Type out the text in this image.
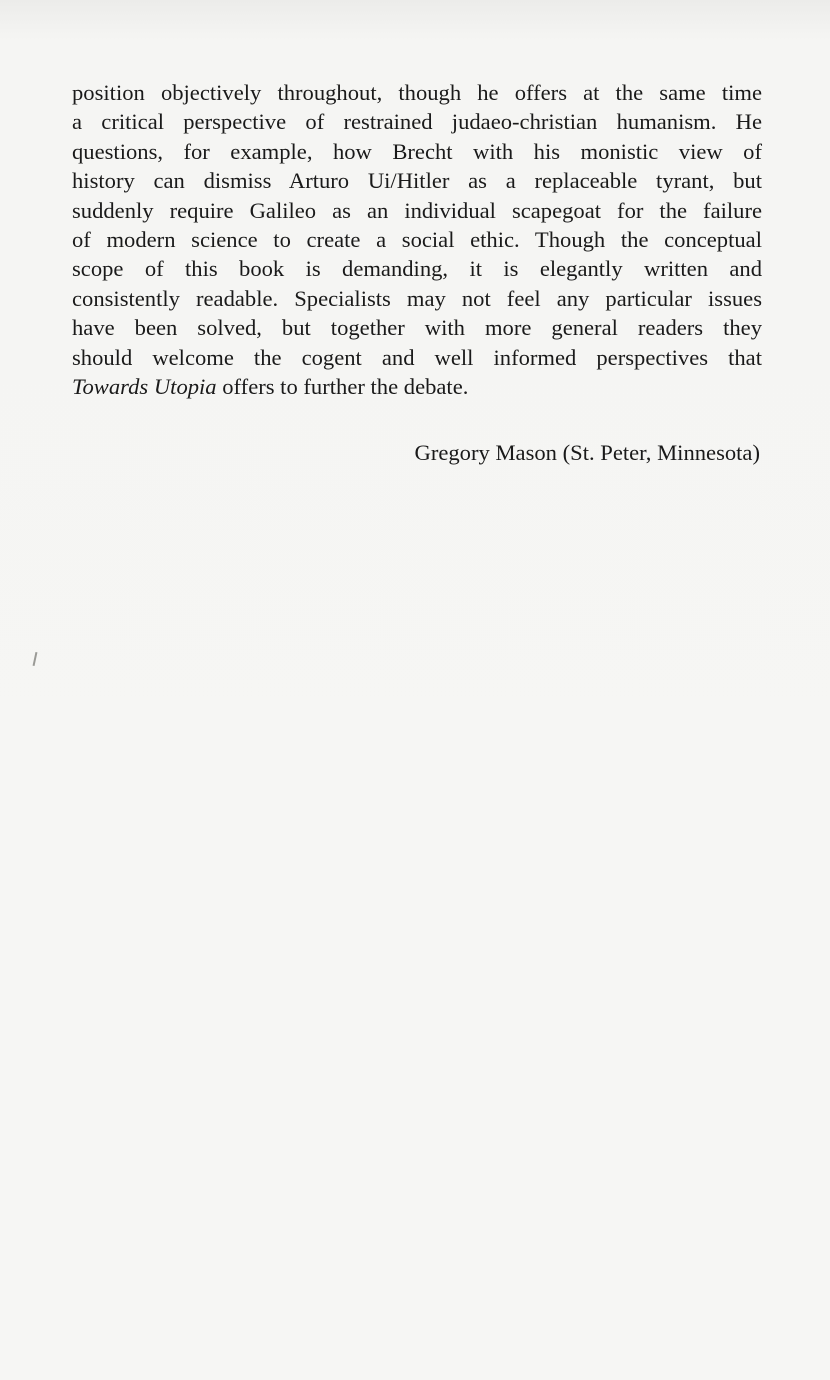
position objectively throughout, though he offers at the same time
a critical perspective of restrained judaeo-christian humanism. He
questions, for example, how Brecht with his monistic view of
history can dismiss Arturo Ui/Hitler as a replaceable tyrant, but
suddenly require Galileo as an individual scapegoat for the failure
of modern science to create a social ethic. Though the conceptual
scope of this book is demanding, it is elegantly written and
consistently readable. Specialists may not feel any particular issues
have been solved, but together with more general readers they
should welcome the cogent and well informed perspectives that
Towards Utopia offers to further the debate.

Gregory Mason (St. Peter, Minnesota)
